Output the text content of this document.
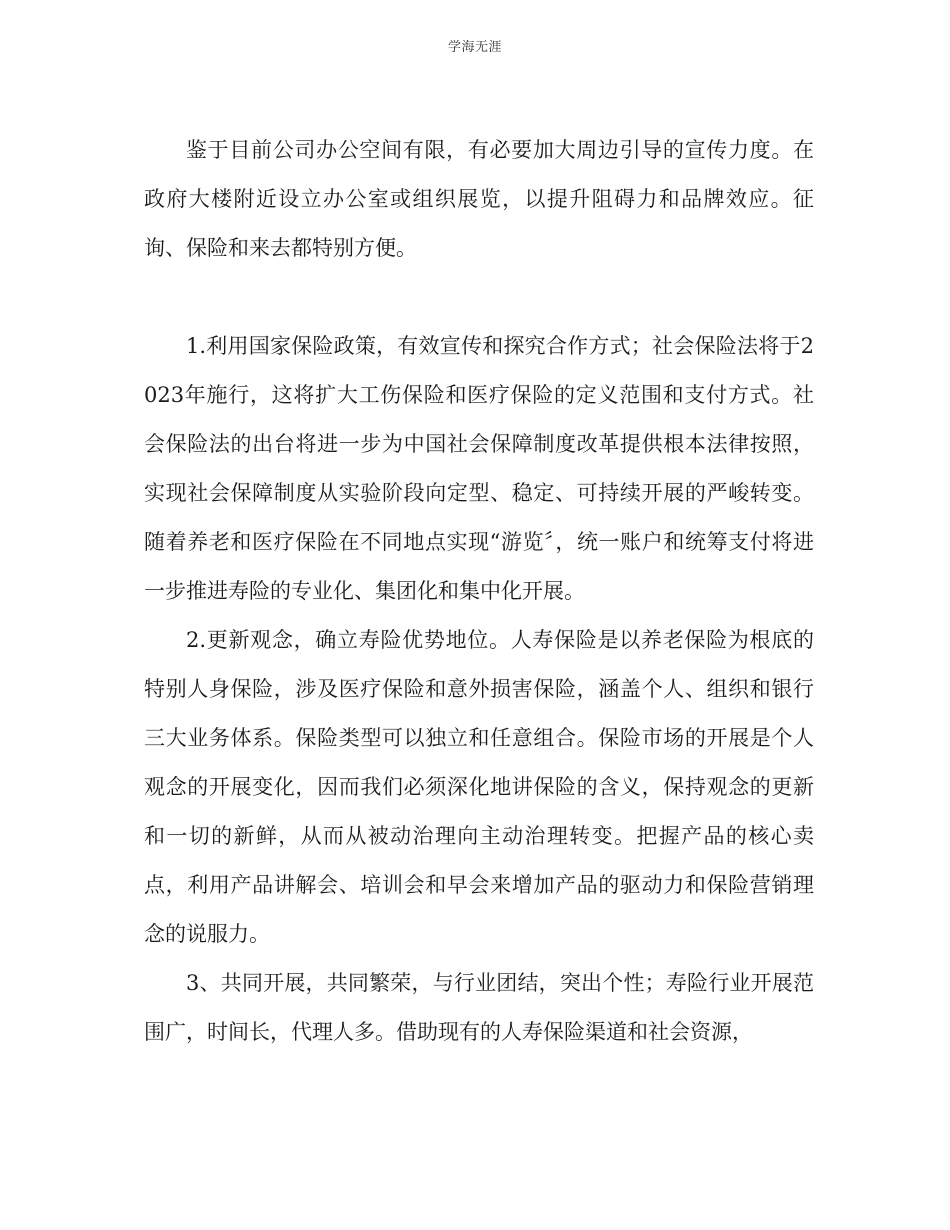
学海无涯

鉴于目前公司办公空间有限，有必要加大周边引导的宣传力度。在政府大楼附近设立办公室或组织展览，以提升阻碍力和品牌效应。征询、保险和来去都特别方便。

1.利用国家保险政策，有效宣传和探究合作方式；社会保险法将于2023年施行，这将扩大工伤保险和医疗保险的定义范围和支付方式。社会保险法的出台将进一步为中国社会保障制度改革提供根本法律按照，实现社会保障制度从实验阶段向定型、稳定、可持续开展的严峻转变。随着养老和医疗保险在不同地点实现“游览〞，统一账户和统筹支付将进一步推进寿险的专业化、集团化和集中化开展。

2.更新观念，确立寿险优势地位。人寿保险是以养老保险为根底的特别人身保险，涉及医疗保险和意外损害保险，涵盖个人、组织和银行三大业务体系。保险类型可以独立和任意组合。保险市场的开展是个人观念的开展变化，因而我们必须深化地讲保险的含义，保持观念的更新和一切的新鲜，从而从被动治理向主动治理转变。把握产品的核心卖点，利用产品讲解会、培训会和早会来增加产品的驱动力和保险营销理念的说服力。

3、共同开展，共同繁荣，与行业团结，突出个性；寿险行业开展范围广，时间长，代理人多。借助现有的人寿保险渠道和社会资源，
